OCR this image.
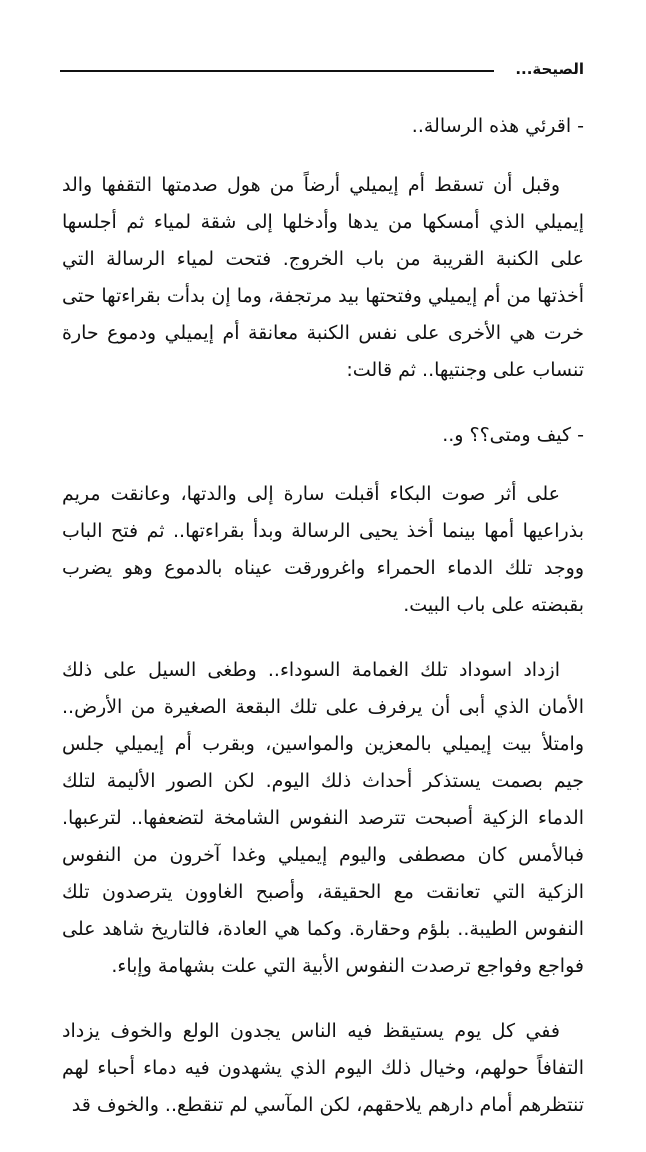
الصيحة...

- اقرئي هذه الرسالة..

وقبل أن تسقط أم إيميلي أرضاً من هول صدمتها التقفها والد إيميلي الذي أمسكها من يدها وأدخلها إلى شقة لمياء ثم أجلسها على الكنبة القريبة من باب الخروج. فتحت لمياء الرسالة التي أخذتها من أم إيميلي وفتحتها بيد مرتجفة، وما إن بدأت بقراءتها حتى خرت هي الأخرى على نفس الكنبة معانقة أم إيميلي ودموع حارة تنساب على وجنتيها.. ثم قالت:

- كيف ومتى؟؟ و..

على أثر صوت البكاء أقبلت سارة إلى والدتها، وعانقت مريم بذراعيها أمها بينما أخذ يحيى الرسالة وبدأ بقراءتها.. ثم فتح الباب ووجد تلك الدماء الحمراء واغرورقت عيناه بالدموع وهو يضرب بقبضته على باب البيت.

ازداد اسوداد تلك الغمامة السوداء.. وطغى السيل على ذلك الأمان الذي أبى أن يرفرف على تلك البقعة الصغيرة من الأرض.. وامتلأ بيت إيميلي بالمعزين والمواسين، وبقرب أم إيميلي جلس جيم بصمت يستذكر أحداث ذلك اليوم. لكن الصور الأليمة لتلك الدماء الزكية أصبحت تترصد النفوس الشامخة لتضعفها.. لترعبها. فبالأمس كان مصطفى واليوم إيميلي وغدا آخرون من النفوس الزكية التي تعانقت مع الحقيقة، وأصبح الغاوون يترصدون تلك النفوس الطيبة.. بلؤم وحقارة. وكما هي العادة، فالتاريخ شاهد على فواجع وفواجع ترصدت النفوس الأبية التي علت بشهامة وإباء.

ففي كل يوم يستيقظ فيه الناس يجدون الولع والخوف يزداد التفافاً حولهم، وخيال ذلك اليوم الذي يشهدون فيه دماء أحباء لهم تنتظرهم أمام دارهم يلاحقهم، لكن المآسي لم تنقطع.. والخوف قد
